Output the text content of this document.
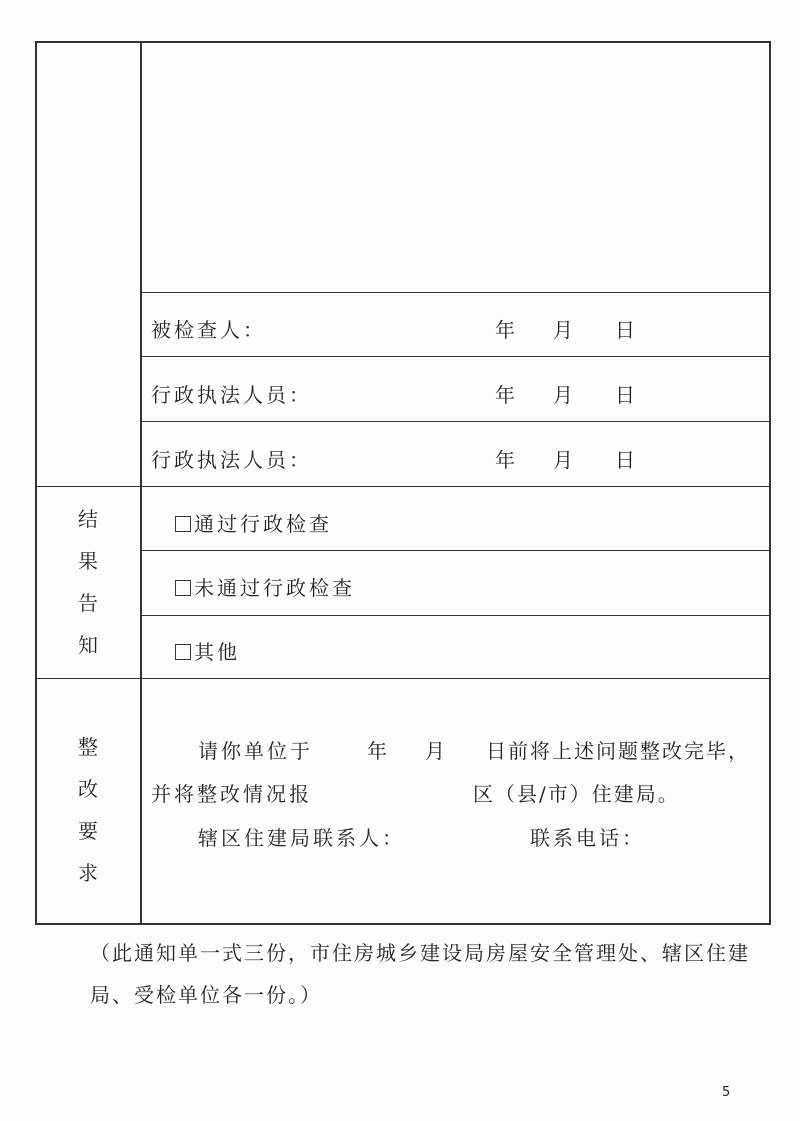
被检查人：	年 月 日
行政执法人员：	年 月 日
行政执法人员：	年 月 日
结
果
告
知
通过行政检查
未通过行政检查
其他
整
改
要
求
请你单位于	年 月 日前将上述问题整改完毕，
并将整改情况报	区（县/市）住建局。
辖区住建局联系人：	联系电话：
（此通知单一式三份，市住房城乡建设局房屋安全管理处、辖区住建局、受检单位各一份。）
5
